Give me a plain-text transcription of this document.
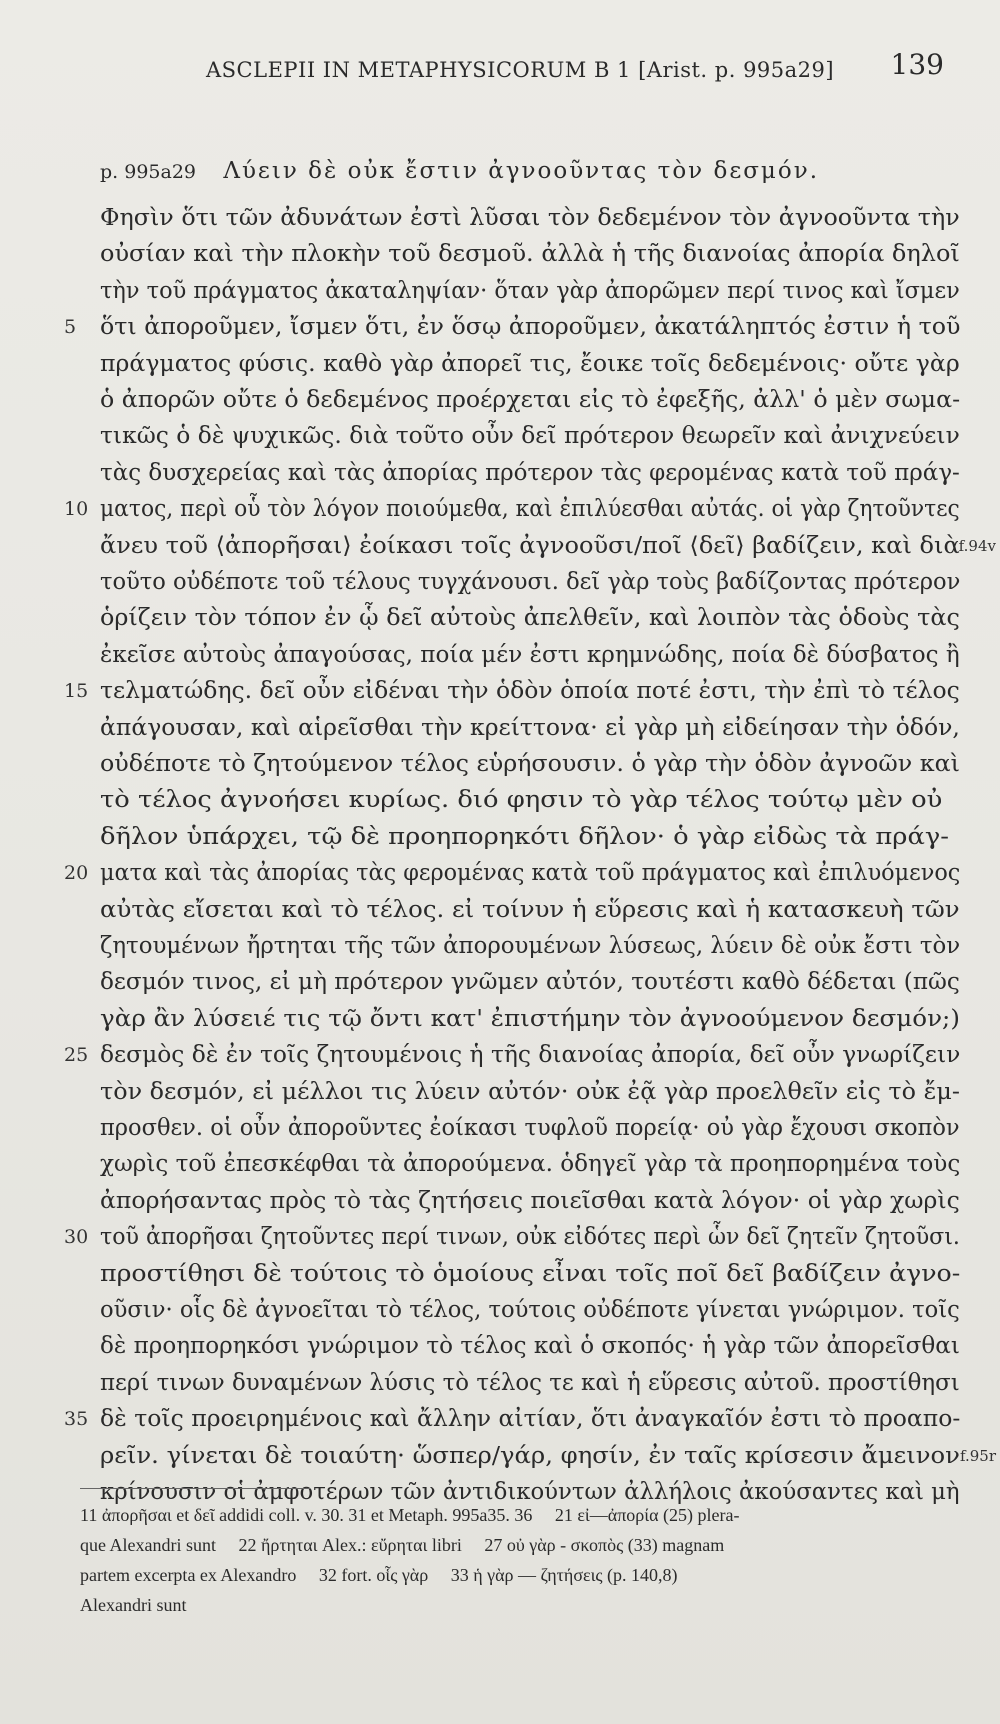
ASCLEPII IN METAPHYSICORUM B 1 [Arist. p. 995a29] 139
p. 995a29 Λύειν δὲ οὐκ ἔστιν ἀγνοοῦντας τὸν δεσμόν.
Φησὶν ὅτι τῶν ἀδυνάτων ἐστὶ λῦσαι τὸν δεδεμένον τὸν ἀγνοοῦντα τὴν
οὐσίαν καὶ τὴν πλοκὴν τοῦ δεσμοῦ. ἀλλὰ ἡ τῆς διανοίας ἀπορία δηλοῖ
τὴν τοῦ πράγματος ἀκαταληψίαν· ὅταν γὰρ ἀπορῶμεν περί τινος καὶ ἴσμεν
5	ὅτι ἀποροῦμεν, ἴσμεν ὅτι, ἐν ὅσῳ ἀποροῦμεν, ἀκατάληπτός ἐστιν ἡ τοῦ
πράγματος φύσις. καθὸ γὰρ ἀπορεῖ τις, ἔοικε τοῖς δεδεμένοις· οὔτε γὰρ
ὁ ἀπορῶν οὔτε ὁ δεδεμένος προέρχεται εἰς τὸ ἐφεξῆς, ἀλλ' ὁ μὲν σωμα-
τικῶς ὁ δὲ ψυχικῶς. διὰ τοῦτο οὖν δεῖ πρότερον θεωρεῖν καὶ ἀνιχνεύειν
τὰς δυσχερείας καὶ τὰς ἀπορίας πρότερον τὰς φερομένας κατὰ τοῦ πράγ-
10 ματος, περὶ οὗ τὸν λόγον ποιούμεθα, καὶ ἐπιλύεσθαι αὐτάς. οἱ γὰρ ζητοῦντες
ἄνευ τοῦ ⟨ἀπορῆσαι⟩ ἐοίκασι τοῖς ἀγνοοῦσι/ποῖ ⟨δεῖ⟩ βαδίζειν, καὶ διὰ
f.94v
τοῦτο οὐδέποτε τοῦ τέλους τυγχάνουσι. δεῖ γὰρ τοὺς βαδίζοντας πρότερον
ὁρίζειν τὸν τόπον ἐν ᾧ δεῖ αὐτοὺς ἀπελθεῖν, καὶ λοιπὸν τὰς ὁδοὺς τὰς
ἐκεῖσε αὐτοὺς ἀπαγούσας, ποία μέν ἐστι κρημνώδης, ποία δὲ δύσβατος ἢ
15 τελματώδης. δεῖ οὖν εἰδέναι τὴν ὁδὸν ὁποία ποτέ ἐστι, τὴν ἐπὶ τὸ τέλος
ἀπάγουσαν, καὶ αἱρεῖσθαι τὴν κρείττονα· εἰ γὰρ μὴ εἰδείησαν τὴν ὁδόν,
οὐδέποτε τὸ ζητούμενον τέλος εὑρήσουσιν. ὁ γὰρ τὴν ὁδὸν ἀγνοῶν καὶ
τὸ τέλος ἀγνοήσει κυρίως. διό φησιν τὸ γὰρ τέλος τούτῳ μὲν οὐ
δῆλον ὑπάρχει, τῷ δὲ προηπορηκότι δῆλον· ὁ γὰρ εἰδὼς τὰ πράγ-
20 ματα καὶ τὰς ἀπορίας τὰς φερομένας κατὰ τοῦ πράγματος καὶ ἐπιλυόμενος
αὐτὰς εἴσεται καὶ τὸ τέλος. εἰ τοίνυν ἡ εὕρεσις καὶ ἡ κατασκευὴ τῶν
ζητουμένων ἤρτηται τῆς τῶν ἀπορουμένων λύσεως, λύειν δὲ οὐκ ἔστι τὸν
δεσμόν τινος, εἰ μὴ πρότερον γνῶμεν αὐτόν, τουτέστι καθὸ δέδεται (πῶς
γὰρ ἂν λύσειέ τις τῷ ὄντι κατ' ἐπιστήμην τὸν ἀγνοούμενον δεσμόν;)
25 δεσμὸς δὲ ἐν τοῖς ζητουμένοις ἡ τῆς διανοίας ἀπορία, δεῖ οὖν γνωρίζειν
τὸν δεσμόν, εἰ μέλλοι τις λύειν αὐτόν· οὐκ ἐᾷ γὰρ προελθεῖν εἰς τὸ ἔμ-
προσθεν. οἱ οὖν ἀποροῦντες ἐοίκασι τυφλοῦ πορείᾳ· οὐ γὰρ ἔχουσι σκοπὸν
χωρὶς τοῦ ἐπεσκέφθαι τὰ ἀπορούμενα. ὁδηγεῖ γὰρ τὰ προηπορημένα τοὺς
ἀπορήσαντας πρὸς τὸ τὰς ζητήσεις ποιεῖσθαι κατὰ λόγον· οἱ γὰρ χωρὶς
30 τοῦ ἀπορῆσαι ζητοῦντες περί τινων, οὐκ εἰδότες περὶ ὧν δεῖ ζητεῖν ζητοῦσι.
προστίθησι δὲ τούτοις τὸ ὁμοίους εἶναι τοῖς ποῖ δεῖ βαδίζειν ἀγνο-
οῦσιν· οἷς δὲ ἀγνοεῖται τὸ τέλος, τούτοις οὐδέποτε γίνεται γνώριμον. τοῖς
δὲ προηπορηκόσι γνώριμον τὸ τέλος καὶ ὁ σκοπός· ἡ γὰρ τῶν ἀπορεῖσθαι
περί τινων δυναμένων λύσις τὸ τέλος τε καὶ ἡ εὕρεσις αὐτοῦ. προστίθησι
35 δὲ τοῖς προειρημένοις καὶ ἄλλην αἰτίαν, ὅτι ἀναγκαῖόν ἐστι τὸ προαπο-
ρεῖν. γίνεται δὲ τοιαύτη· ὥσπερ/γάρ, φησίν, ἐν ταῖς κρίσεσιν ἄμεινον f.95r
κρίνουσιν οἱ ἀμφοτέρων τῶν ἀντιδικούντων ἀλλήλοις ἀκούσαντες καὶ μὴ
11 ἀπορῆσαι et δεῖ addidi coll. v. 30. 31 et Metaph. 995a35. 36     21 εἰ—ἀπορία (25) plera-
que Alexandri sunt     22 ἤρτηται Alex.: εὔρηται libri     27 οὐ γὰρ - σκοπὸς (33) magnam
partem excerpta ex Alexandro     32 fort. οἷς γὰρ     33 ἡ γὰρ — ζητήσεις (p. 140,8)
Alexandri sunt
